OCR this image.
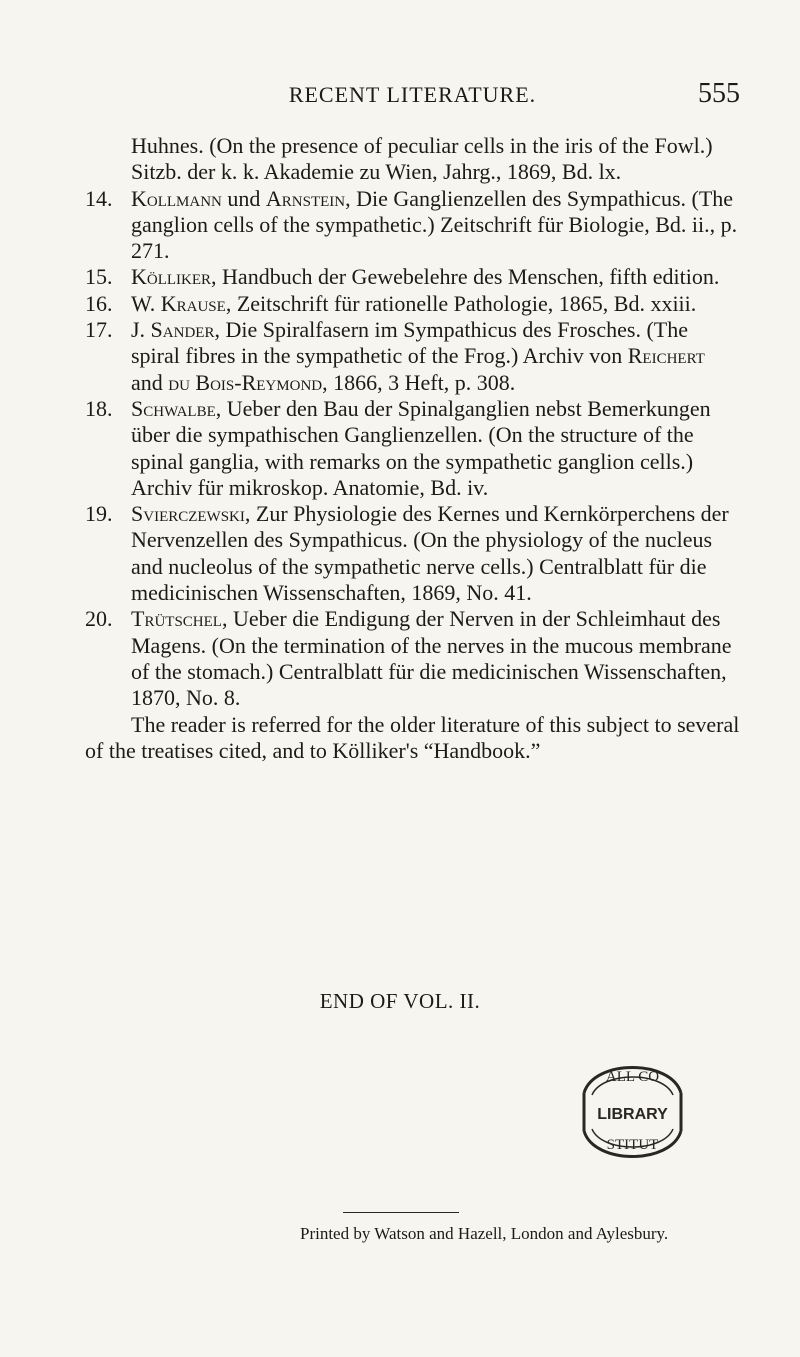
RECENT LITERATURE.	555
Huhnes. (On the presence of peculiar cells in the iris of the Fowl.) Sitzb. der k. k. Akademie zu Wien, Jahrg., 1869, Bd. lx.
14. Kollmann und Arnstein, Die Ganglienzellen des Sympathicus. (The ganglion cells of the sympathetic.) Zeitschrift für Biologie, Bd. ii., p. 271.
15. Kölliker, Handbuch der Gewebelehre des Menschen, fifth edition.
16. W. Krause, Zeitschrift für rationelle Pathologie, 1865, Bd. xxiii.
17. J. Sander, Die Spiralfasern im Sympathicus des Frosches. (The spiral fibres in the sympathetic of the Frog.) Archiv von Reichert and du Bois-Reymond, 1866, 3 Heft, p. 308.
18. Schwalbe, Ueber den Bau der Spinalganglien nebst Bemerkungen über die sympathischen Ganglienzellen. (On the structure of the spinal ganglia, with remarks on the sympathetic ganglion cells.) Archiv für mikroskop. Anatomie, Bd. iv.
19. Svierczewski, Zur Physiologie des Kernes und Kernkörperchens der Nervenzellen des Sympathicus. (On the physiology of the nucleus and nucleolus of the sympathetic nerve cells.) Centralblatt für die medicinischen Wissenschaften, 1869, No. 41.
20. Trütschel, Ueber die Endigung der Nerven in der Schleimhaut des Magens. (On the termination of the nerves in the mucous membrane of the stomach.) Centralblatt für die medicinischen Wissenschaften, 1870, No. 8.
The reader is referred for the older literature of this subject to several of the treatises cited, and to Kölliker's “Handbook.”
END OF VOL. II.
ALL CO
LIBRARY
STITUT
Printed by Watson and Hazell, London and Aylesbury.
